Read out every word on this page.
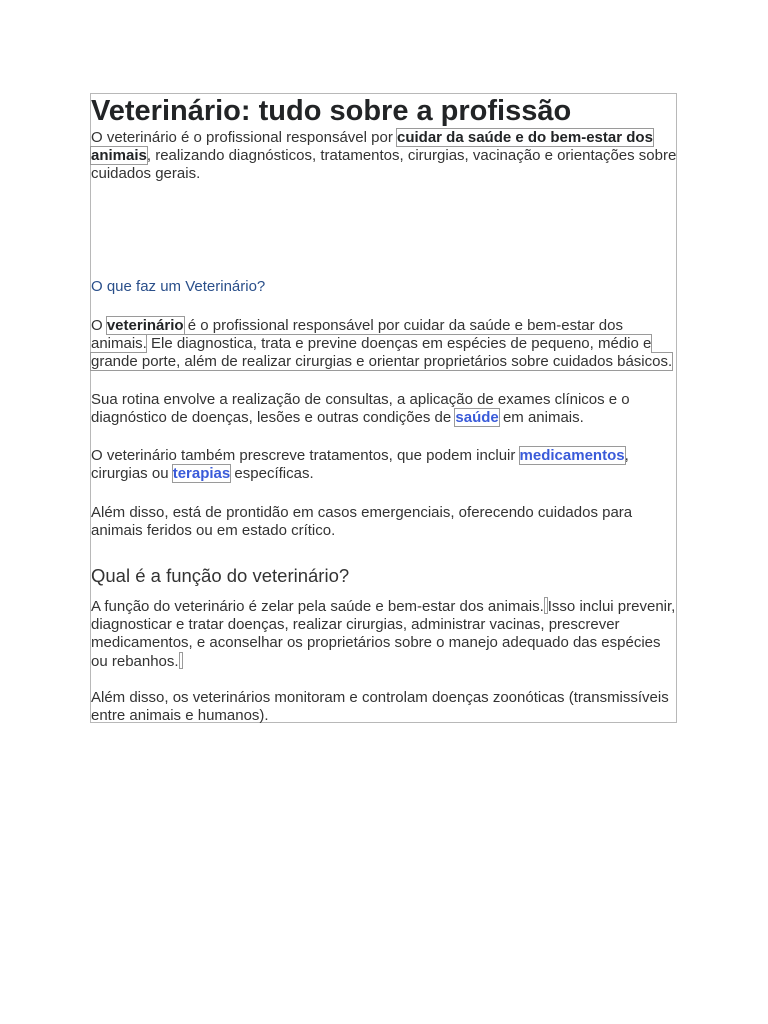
Veterinário: tudo sobre a profissão

O veterinário é o profissional responsável por cuidar da saúde e do bem-estar dos animais, realizando diagnósticos, tratamentos, cirurgias, vacinação e orientações sobre cuidados gerais.

O que faz um Veterinário?

O veterinário é o profissional responsável por cuidar da saúde e bem-estar dos animais. Ele diagnostica, trata e previne doenças em espécies de pequeno, médio e grande porte, além de realizar cirurgias e orientar proprietários sobre cuidados básicos.

Sua rotina envolve a realização de consultas, a aplicação de exames clínicos e o diagnóstico de doenças, lesões e outras condições de saúde em animais.

O veterinário também prescreve tratamentos, que podem incluir medicamentos, cirurgias ou terapias específicas.

Além disso, está de prontidão em casos emergenciais, oferecendo cuidados para animais feridos ou em estado crítico.

Qual é a função do veterinário?

A função do veterinário é zelar pela saúde e bem-estar dos animais. Isso inclui prevenir, diagnosticar e tratar doenças, realizar cirurgias, administrar vacinas, prescrever medicamentos, e aconselhar os proprietários sobre o manejo adequado das espécies ou rebanhos.

Além disso, os veterinários monitoram e controlam doenças zoonóticas (transmissíveis entre animais e humanos).
